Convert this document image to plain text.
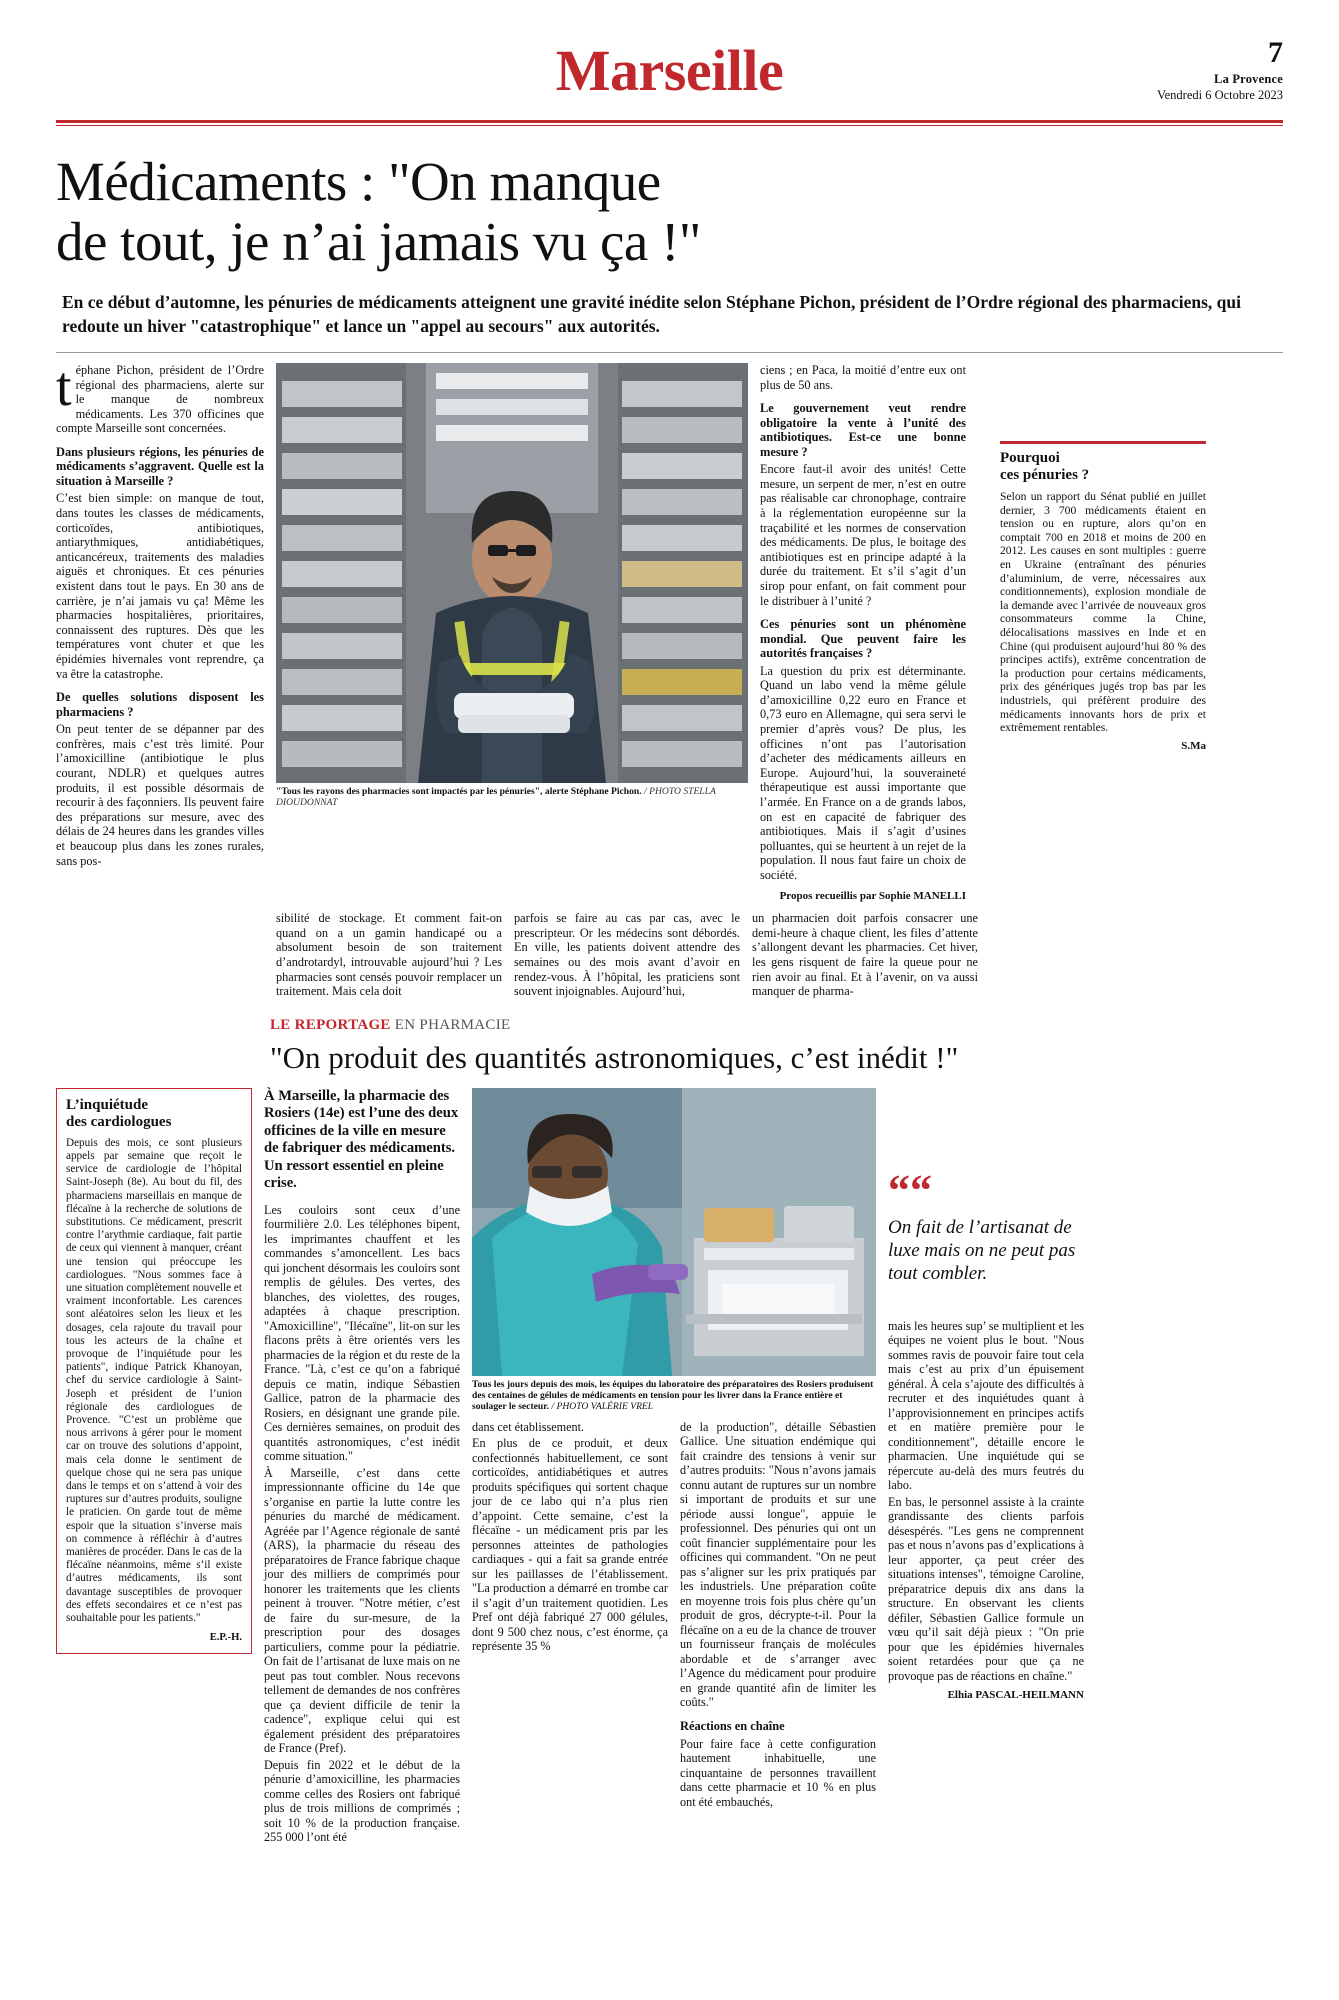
Marseille	7
La Provence
Vendredi 6 Octobre 2023
Médicaments : "On manque
de tout, je n’ai jamais vu ça !"
En ce début d’automne, les pénuries de médicaments atteignent une gravité inédite selon Stéphane Pichon, président de l’Ordre régional des pharmaciens, qui redoute un hiver "catastrophique" et lance un "appel au secours" aux autorités.

téphane Pichon, président de l’Ordre régional des pharmaciens, alerte sur le manque de nombreux médicaments. Les 370 officines que compte Marseille sont concernées.

Dans plusieurs régions, les pénuries de médicaments s’aggravent. Quelle est la situation à Marseille ?

C’est bien simple: on manque de tout, dans toutes les classes de médicaments, corticoïdes, antibiotiques, antiarythmiques, antidiabétiques, anticancéreux, traitements des maladies aiguës et chroniques. Et ces pénuries existent dans tout le pays. En 30 ans de carrière, je n’ai jamais vu ça! Même les pharmacies hospitalières, prioritaires, connaissent des ruptures. Dès que les températures vont chuter et que les épidémies hivernales vont reprendre, ça va être la catastrophe.

De quelles solutions disposent les pharmaciens ?

On peut tenter de se dépanner par des confrères, mais c’est très limité. Pour l’amoxicilline (antibiotique le plus courant, NDLR) et quelques autres produits, il est possible désormais de recourir à des façonniers. Ils peuvent faire des préparations sur mesure, avec des délais de 24 heures dans les grandes villes et beaucoup plus dans les zones rurales, sans pos-

"Tous les rayons des pharmacies sont impactés par les pénuries", alerte Stéphane Pichon. / PHOTO STELLA DIOUDONNAT

ciens ; en Paca, la moitié d’entre eux ont plus de 50 ans.

Le gouvernement veut rendre obligatoire la vente à l’unité des antibiotiques. Est-ce une bonne mesure ?

Encore faut-il avoir des unités! Cette mesure, un serpent de mer, n’est en outre pas réalisable car chronophage, contraire à la réglementation européenne sur la traçabilité et les normes de conservation des médicaments. De plus, le boitage des antibiotiques est en principe adapté à la durée du traitement. Et s’il s’agit d’un sirop pour enfant, on fait comment pour le distribuer à l’unité ?

Ces pénuries sont un phénomène mondial. Que peuvent faire les autorités françaises ?

La question du prix est déterminante. Quand un labo vend la même gélule d’amoxicilline 0,22 euro en France et 0,73 euro en Allemagne, qui sera servi le premier d’après vous? De plus, les officines n’ont pas l’autorisation d’acheter des médicaments ailleurs en Europe. Aujourd’hui, la souveraineté thérapeutique est aussi importante que l’armée. En France on a de grands labos, on est en capacité de fabriquer des antibiotiques. Mais il s’agit d’usines polluantes, qui se heurtent à un rejet de la population. Il nous faut faire un choix de société.

Propos recueillis par Sophie MANELLI
Pourquoi
ces pénuries ?
Selon un rapport du Sénat publié en juillet dernier, 3 700 médicaments étaient en tension ou en rupture, alors qu’on en comptait 700 en 2018 et moins de 200 en 2012. Les causes en sont multiples : guerre en Ukraine (entraînant des pénuries d’aluminium, de verre, nécessaires aux conditionnements), explosion mondiale de la demande avec l’arrivée de nouveaux gros consommateurs comme la Chine, délocalisations massives en Inde et en Chine (qui produisent aujourd’hui 80 % des principes actifs), extrême concentration de la production pour certains médicaments, prix des génériques jugés trop bas par les industriels, qui préfèrent produire des médicaments innovants hors de prix et extrêmement rentables.
S.Ma
sibilité de stockage. Et comment fait-on quand on a un gamin handicapé ou a absolument besoin de son traitement d’androtardyl, introuvable aujourd’hui ? Les pharmacies sont censés pouvoir remplacer un traitement. Mais cela doit
parfois se faire au cas par cas, avec le prescripteur. Or les médecins sont débordés. En ville, les patients doivent attendre des semaines ou des mois avant d’avoir en rendez-vous. À l’hôpital, les praticiens sont souvent injoignables. Aujourd’hui,
un pharmacien doit parfois consacrer une demi-heure à chaque client, les files d’attente s’allongent devant les pharmacies. Cet hiver, les gens risquent de faire la queue pour ne rien avoir au final. Et à l’avenir, on va aussi manquer de pharma-
LE REPORTAGE EN PHARMACIE
"On produit des quantités astronomiques, c’est inédit !"
L’inquiétude
des cardiologues
Depuis des mois, ce sont plusieurs appels par semaine que reçoit le service de cardiologie de l’hôpital Saint-Joseph (8e). Au bout du fil, des pharmaciens marseillais en manque de flécaïne à la recherche de solutions de substitutions. Ce médicament, prescrit contre l’arythmie cardiaque, fait partie de ceux qui viennent à manquer, créant une tension qui préoccupe les cardiologues. "Nous sommes face à une situation complètement nouvelle et vraiment inconfortable. Les carences sont aléatoires selon les lieux et les dosages, cela rajoute du travail pour tous les acteurs de la chaîne et provoque de l’inquiétude pour les patients", indique Patrick Khanoyan, chef du service cardiologie à Saint-Joseph et président de l’union régionale des cardiologues de Provence. "C’est un problème que nous arrivons à gérer pour le moment car on trouve des solutions d’appoint, mais cela donne le sentiment de quelque chose qui ne sera pas unique dans le temps et on s’attend à voir des ruptures sur d’autres produits, souligne le praticien. On garde tout de même espoir que la situation s’inverse mais on commence à réfléchir à d’autres manières de procéder. Dans le cas de la flécaïne néanmoins, même s’il existe d’autres médicaments, ils sont davantage susceptibles de provoquer des effets secondaires et ce n’est pas souhaitable pour les patients."
E.P.-H.
À Marseille, la pharmacie des Rosiers (14e) est l’une des deux officines de la ville en mesure de fabriquer des médicaments. Un ressort essentiel en pleine crise.
Les couloirs sont ceux d’une fourmilière 2.0. Les téléphones bipent, les imprimantes chauffent et les commandes s’amoncellent. Les bacs qui jonchent désormais les couloirs sont remplis de gélules. Des vertes, des blanches, des violettes, des rouges, adaptées à chaque prescription. "Amoxicilline", "Ilécaïne", lit-on sur les flacons prêts à être orientés vers les pharmacies de la région et du reste de la France. "Là, c’est ce qu’on a fabriqué depuis ce matin, indique Sébastien Gallice, patron de la pharmacie des Rosiers, en désignant une grande pile. Ces dernières semaines, on produit des quantités astronomiques, c’est inédit comme situation."
À Marseille, c’est dans cette impressionnante officine du 14e que s’organise en partie la lutte contre les pénuries du marché de médicament. Agréée par l’Agence régionale de santé (ARS), la pharmacie du réseau des préparatoires de France fabrique chaque jour des milliers de comprimés pour honorer les traitements que les clients peinent à trouver. "Notre métier, c’est de faire du sur-mesure, de la prescription pour des dosages particuliers, comme pour la pédiatrie. On fait de l’artisanat de luxe mais on ne peut pas tout combler. Nous recevons tellement de demandes de nos confrères que ça devient difficile de tenir la cadence", explique celui qui est également président des préparatoires de France (Pref).
Depuis fin 2022 et le début de la pénurie d’amoxicilline, les pharmacies comme celles des Rosiers ont fabriqué plus de trois millions de comprimés ; soit 10 % de la production française. 255 000 l’ont été
Tous les jours depuis des mois, les équipes du laboratoire des préparatoires des Rosiers produisent des centaines de gélules de médicaments en tension pour les livrer dans la France entière et soulager le secteur. / PHOTO VALÉRIE VREL
dans cet établissement.
En plus de ce produit, et deux confectionnés habituellement, ce sont corticoïdes, antidiabétiques et autres produits spécifiques qui sortent chaque jour de ce labo qui n’a plus rien d’appoint. Cette semaine, c’est la flécaïne - un médicament pris par les personnes atteintes de pathologies cardiaques - qui a fait sa grande entrée sur les paillasses de l’établissement. "La production a démarré en trombe car il s’agit d’un traitement quotidien. Les Pref ont déjà fabriqué 27 000 gélules, dont 9 500 chez nous, c’est énorme, ça représente 35 %
de la production", détaille Sébastien Gallice. Une situation endémique qui fait craindre des tensions à venir sur d’autres produits: "Nous n’avons jamais connu autant de ruptures sur un nombre si important de produits et sur une période aussi longue", appuie le professionnel. Des pénuries qui ont un coût financier supplémentaire pour les officines qui commandent. "On ne peut pas s’aligner sur les prix pratiqués par les industriels. Une préparation coûte en moyenne trois fois plus chère qu’un produit de gros, décrypte-t-il. Pour la flécaïne on a eu de la chance de trouver un fournisseur français de molécules abordable et de s’arranger avec l’Agence du médicament pour produire en grande quantité afin de limiter les coûts."
Réactions en chaîne
Pour faire face à cette configuration hautement inhabituelle, une cinquantaine de personnes travaillent dans cette pharmacie et 10 % en plus ont été embauchés,
““
On fait de l’artisanat de luxe mais on ne peut pas tout combler.
mais les heures sup’ se multiplient et les équipes ne voient plus le bout. "Nous sommes ravis de pouvoir faire tout cela mais c’est au prix d’un épuisement général. À cela s’ajoute des difficultés à recruter et des inquiétudes quant à l’approvisionnement en principes actifs et en matière première pour le conditionnement", détaille encore le pharmacien. Une inquiétude qui se répercute au-delà des murs feutrés du labo.
En bas, le personnel assiste à la crainte grandissante des clients parfois désespérés. "Les gens ne comprennent pas et nous n’avons pas d’explications à leur apporter, ça peut créer des situations intenses", témoigne Caroline, préparatrice depuis dix ans dans la structure. En observant les clients défiler, Sébastien Gallice formule un vœu qu’il sait déjà pieux : "On prie pour que les épidémies hivernales soient retardées pour que ça ne provoque pas de réactions en chaîne."
Elhia PASCAL-HEILMANN
